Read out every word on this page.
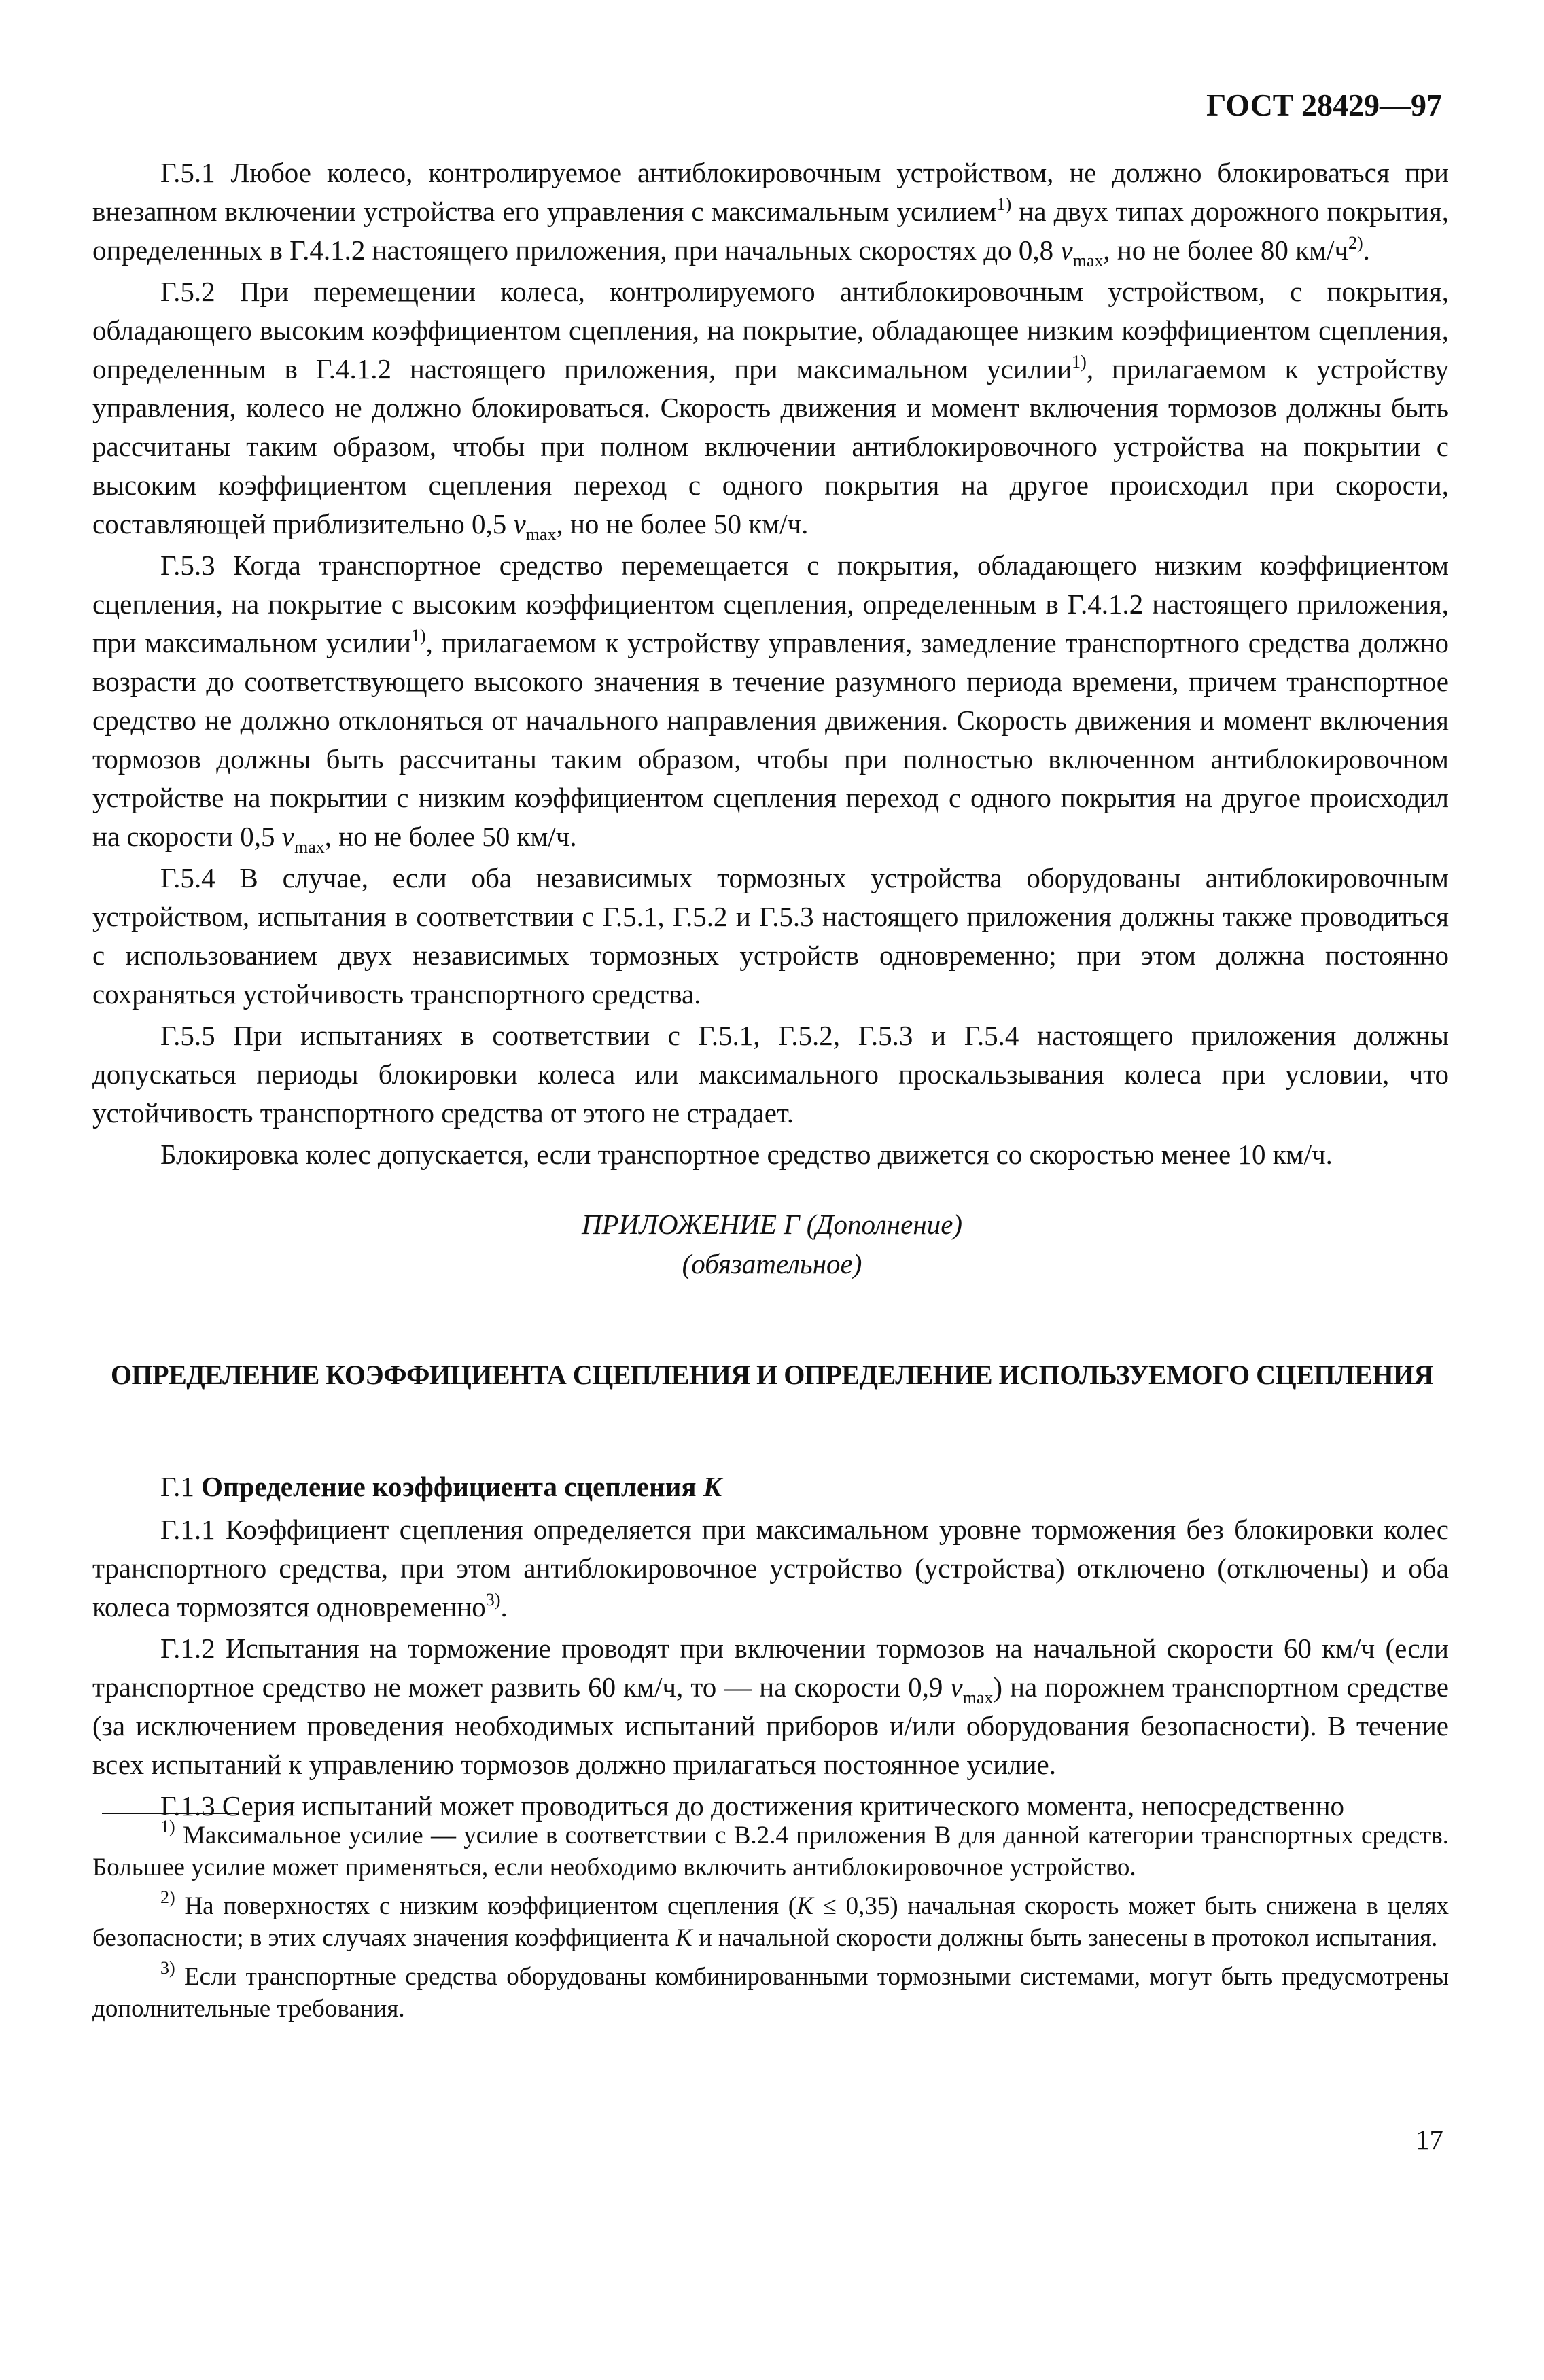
ГОСТ 28429—97

Г.5.1 Любое колесо, контролируемое антиблокировочным устройством, не должно блокироваться при внезапном включении устройства его управления с максимальным усилием$^{1)}$ на двух типах дорожного покрытия, определенных в Г.4.1.2 настоящего приложения, при начальных скоростях до 0,8 $v_{max}$, но не более 80 $км/ч^{2)}$.

Г.5.2 При перемещении колеса, контролируемого антиблокировочным устройством, с покрытия, обладающего высоким коэффициентом сцепления, на покрытие, обладающее низким коэффициентом сцепления, определенным в Г.4.1.2 настоящего приложения, при максимальном усилии$^{1)}$, прилагаемом к устройству управления, колесо не должно блокироваться. Скорость движения и момент включения тормозов должны быть рассчитаны таким образом, чтобы при полном включении антиблокировочного устройства на покрытии с высоким коэффициентом сцепления переход с одного покрытия на другое происходил при скорости, составляющей приблизительно 0,5 $v_{max}$, но не более 50 км/ч.

Г.5.3 Когда транспортное средство перемещается с покрытия, обладающего низким коэффициентом сцепления, на покрытие с высоким коэффициентом сцепления, определенным в Г.4.1.2 настоящего приложения, при максимальном усилии$^{1)}$, прилагаемом к устройству управления, замедление транспортного средства должно возрасти до соответствующего высокого значения в течение разумного периода времени, причем транспортное средство не должно отклоняться от начального направления движения. Скорость движения и момент включения тормозов должны быть рассчитаны таким образом, чтобы при полностью включенном антиблокировочном устройстве на покрытии с низким коэффициентом сцепления переход с одного покрытия на другое происходил на скорости 0,5 $v_{max}$, но не более 50 км/ч.

Г.5.4 В случае, если оба независимых тормозных устройства оборудованы антиблокировочным устройством, испытания в соответствии с Г.5.1, Г.5.2 и Г.5.3 настоящего приложения должны также проводиться с использованием двух независимых тормозных устройств одновременно; при этом должна постоянно сохраняться устойчивость транспортного средства.

Г.5.5 При испытаниях в соответствии с Г.5.1, Г.5.2, Г.5.3 и Г.5.4 настоящего приложения должны допускаться периоды блокировки колеса или максимального проскальзывания колеса при условии, что устойчивость транспортного средства от этого не страдает.

Блокировка колес допускается, если транспортное средство движется со скоростью менее 10 км/ч.

ПРИЛОЖЕНИЕ Г (Дополнение)
(обязательное)
ОПРЕДЕЛЕНИЕ КОЭФФИЦИЕНТА СЦЕПЛЕНИЯ И ОПРЕДЕЛЕНИЕ ИСПОЛЬЗУЕМОГО СЦЕПЛЕНИЯ

Г.1 Определение коэффициента сцепления K

Г.1.1 Коэффициент сцепления определяется при максимальном уровне торможения без блокировки колес транспортного средства, при этом антиблокировочное устройство (устройства) отключено (отключены) и оба колеса тормозятся одновременно$^{3)}$.

Г.1.2 Испытания на торможение проводят при включении тормозов на начальной скорости 60 км/ч (если транспортное средство не может развить 60 км/ч, то — на скорости 0,9 $v_{max}$) на порожнем транспортном средстве (за исключением проведения необходимых испытаний приборов и/или оборудования безопасности). В течение всех испытаний к управлению тормозов должно прилагаться постоянное усилие.

Г.1.3 Серия испытаний может проводиться до достижения критического момента, непосредственно

$^{1)}$ Максимальное усилие — усилие в соответствии с В.2.4 приложения В для данной категории транспортных средств. Большее усилие может применяться, если необходимо включить антиблокировочное устройство.

$^{2)}$ На поверхностях с низким коэффициентом сцепления (K ≤ 0,35) начальная скорость может быть снижена в целях безопасности; в этих случаях значения коэффициента K и начальной скорости должны быть занесены в протокол испытания.

$^{3)}$ Если транспортные средства оборудованы комбинированными тормозными системами, могут быть предусмотрены дополнительные требования.

17
